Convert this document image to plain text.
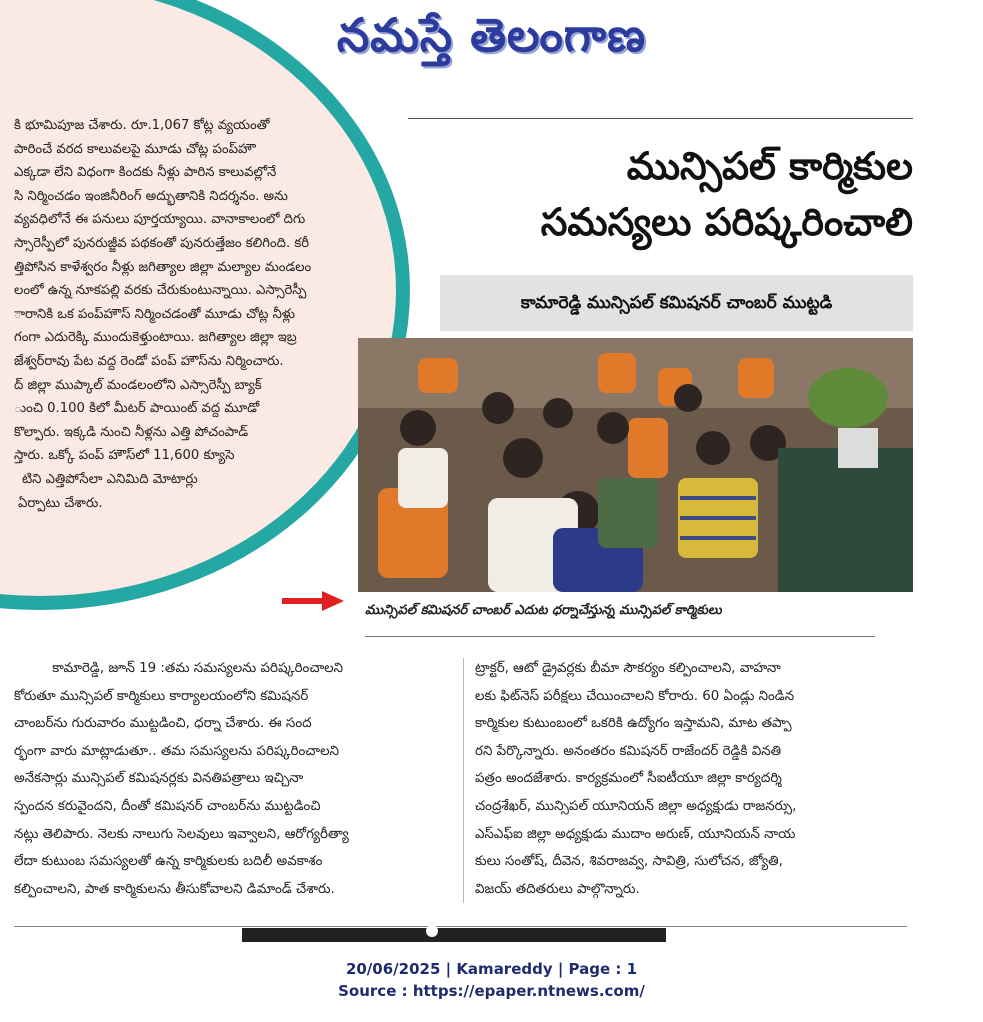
నమస్తే తెలంగాణ

కి భూమిపూజ చేశారు. రూ.1,067 కోట్ల వ్యయంతో

పారించే వరద కాలువలపై మూడు చోట్ల పంప్‌హౌ

ఎక్కడా లేని విధంగా కిందకు నీళ్లు పారిన కాలువల్లోనే

సి నిర్మించడం ఇంజినీరింగ్ అద్భుతానికి నిదర్శనం. అను

వ్యవధిలోనే ఈ పనులు పూర్తయ్యాయి. వానాకాలంలో దిగు

స్సారెస్పీలో పునరుజ్జీవ పథకంతో పునరుత్తేజం కలిగింది. కరీ

త్తిపోసిన కాళేశ్వరం నీళ్లు జగిత్యాల జిల్లా మల్యాల మండలం

లంలో ఉన్న నూకపల్లి వరకు చేరుకుంటున్నాయి. ఎస్సారెస్పీ

ారానికి ఒక పంప్‌హౌస్ నిర్మించడంతో మూడు చోట్ల నీళ్లు

గంగా ఎదురెక్కి ముందుకెళ్తుంటాయి. జగిత్యాల జిల్లా ఇబ్ర

జేశ్వర్‌రావు పేట వద్ద రెండో పంప్ హౌస్‌ను నిర్మించారు.

ద్ జిల్లా ముప్కాల్ మండలంలోని ఎస్సారెస్పీ బ్యాక్

ుంచి 0.100 కిలో మీటర్ పాయింట్ వద్ద మూడో

కొల్పారు. ఇక్కడి నుంచి నీళ్లను ఎత్తి పోచంపాడ్

స్తారు. ఒక్కో పంప్ హౌస్‌లో 11,600 క్యూసె

టిని ఎత్తిపోసేలా ఎనిమిది మోటార్లు

ఏర్పాటు చేశారు.

మున్సిపల్ కార్మికుల
సమస్యలు పరిష్కరించాలి
కామారెడ్డి మున్సిపల్ కమిషనర్ చాంబర్ ముట్టడి
మున్సిపల్ కమిషనర్ చాంబర్ ఎదుట ధర్నాచేస్తున్న మున్సిపల్ కార్మికులు

కామారెడ్డి, జూన్ 19 :తమ సమస్యలను పరిష్కరించాలని

కోరుతూ మున్సిపల్ కార్మికులు కార్యాలయంలోని కమిషనర్

చాంబర్‌ను గురువారం ముట్టడించి, ధర్నా చేశారు. ఈ సంద

ర్భంగా వారు మాట్లాడుతూ.. తమ సమస్యలను పరిష్కరించాలని

అనేకసార్లు మున్సిపల్ కమిషనర్లకు వినతిపత్రాలు ఇచ్చినా

స్పందన కరువైందని, దీంతో కమిషనర్ చాంబర్‌ను ముట్టడించి

నట్లు తెలిపారు. నెలకు నాలుగు సెలవులు ఇవ్వాలని, ఆరోగ్యరీత్యా

లేదా కుటుంబ సమస్యలతో ఉన్న కార్మికులకు బదిలీ అవకాశం

కల్పించాలని, పాత కార్మికులను తీసుకోవాలని డిమాండ్ చేశారు.

ట్రాక్టర్, ఆటో డ్రైవర్లకు బీమా సౌకర్యం కల్పించాలని, వాహనా

లకు ఫిట్‌నెస్ పరీక్షలు చేయించాలని కోరారు. 60 ఏండ్లు నిండిన

కార్మికుల కుటుంబంలో ఒకరికి ఉద్యోగం ఇస్తామని, మాట తప్పా

రని పేర్కొన్నారు. అనంతరం కమిషనర్ రాజేందర్ రెడ్డికి వినతి

పత్రం అందజేశారు. కార్యక్రమంలో సీఐటీయూ జిల్లా కార్యదర్శి

చంద్రశేఖర్, మున్సిపల్ యూనియన్ జిల్లా అధ్యక్షుడు రాజనర్సు,

ఎస్‌ఎఫ్ఐ జిల్లా అధ్యక్షుడు ముదాం అరుణ్, యూనియన్ నాయ

కులు సంతోష్, దీవెన, శివరాజవ్వ, సావిత్రి, సులోచన, జ్యోతి,

విజయ్ తదితరులు పాల్గొన్నారు.

20/06/2025 | Kamareddy | Page : 1
Source : https://epaper.ntnews.com/
